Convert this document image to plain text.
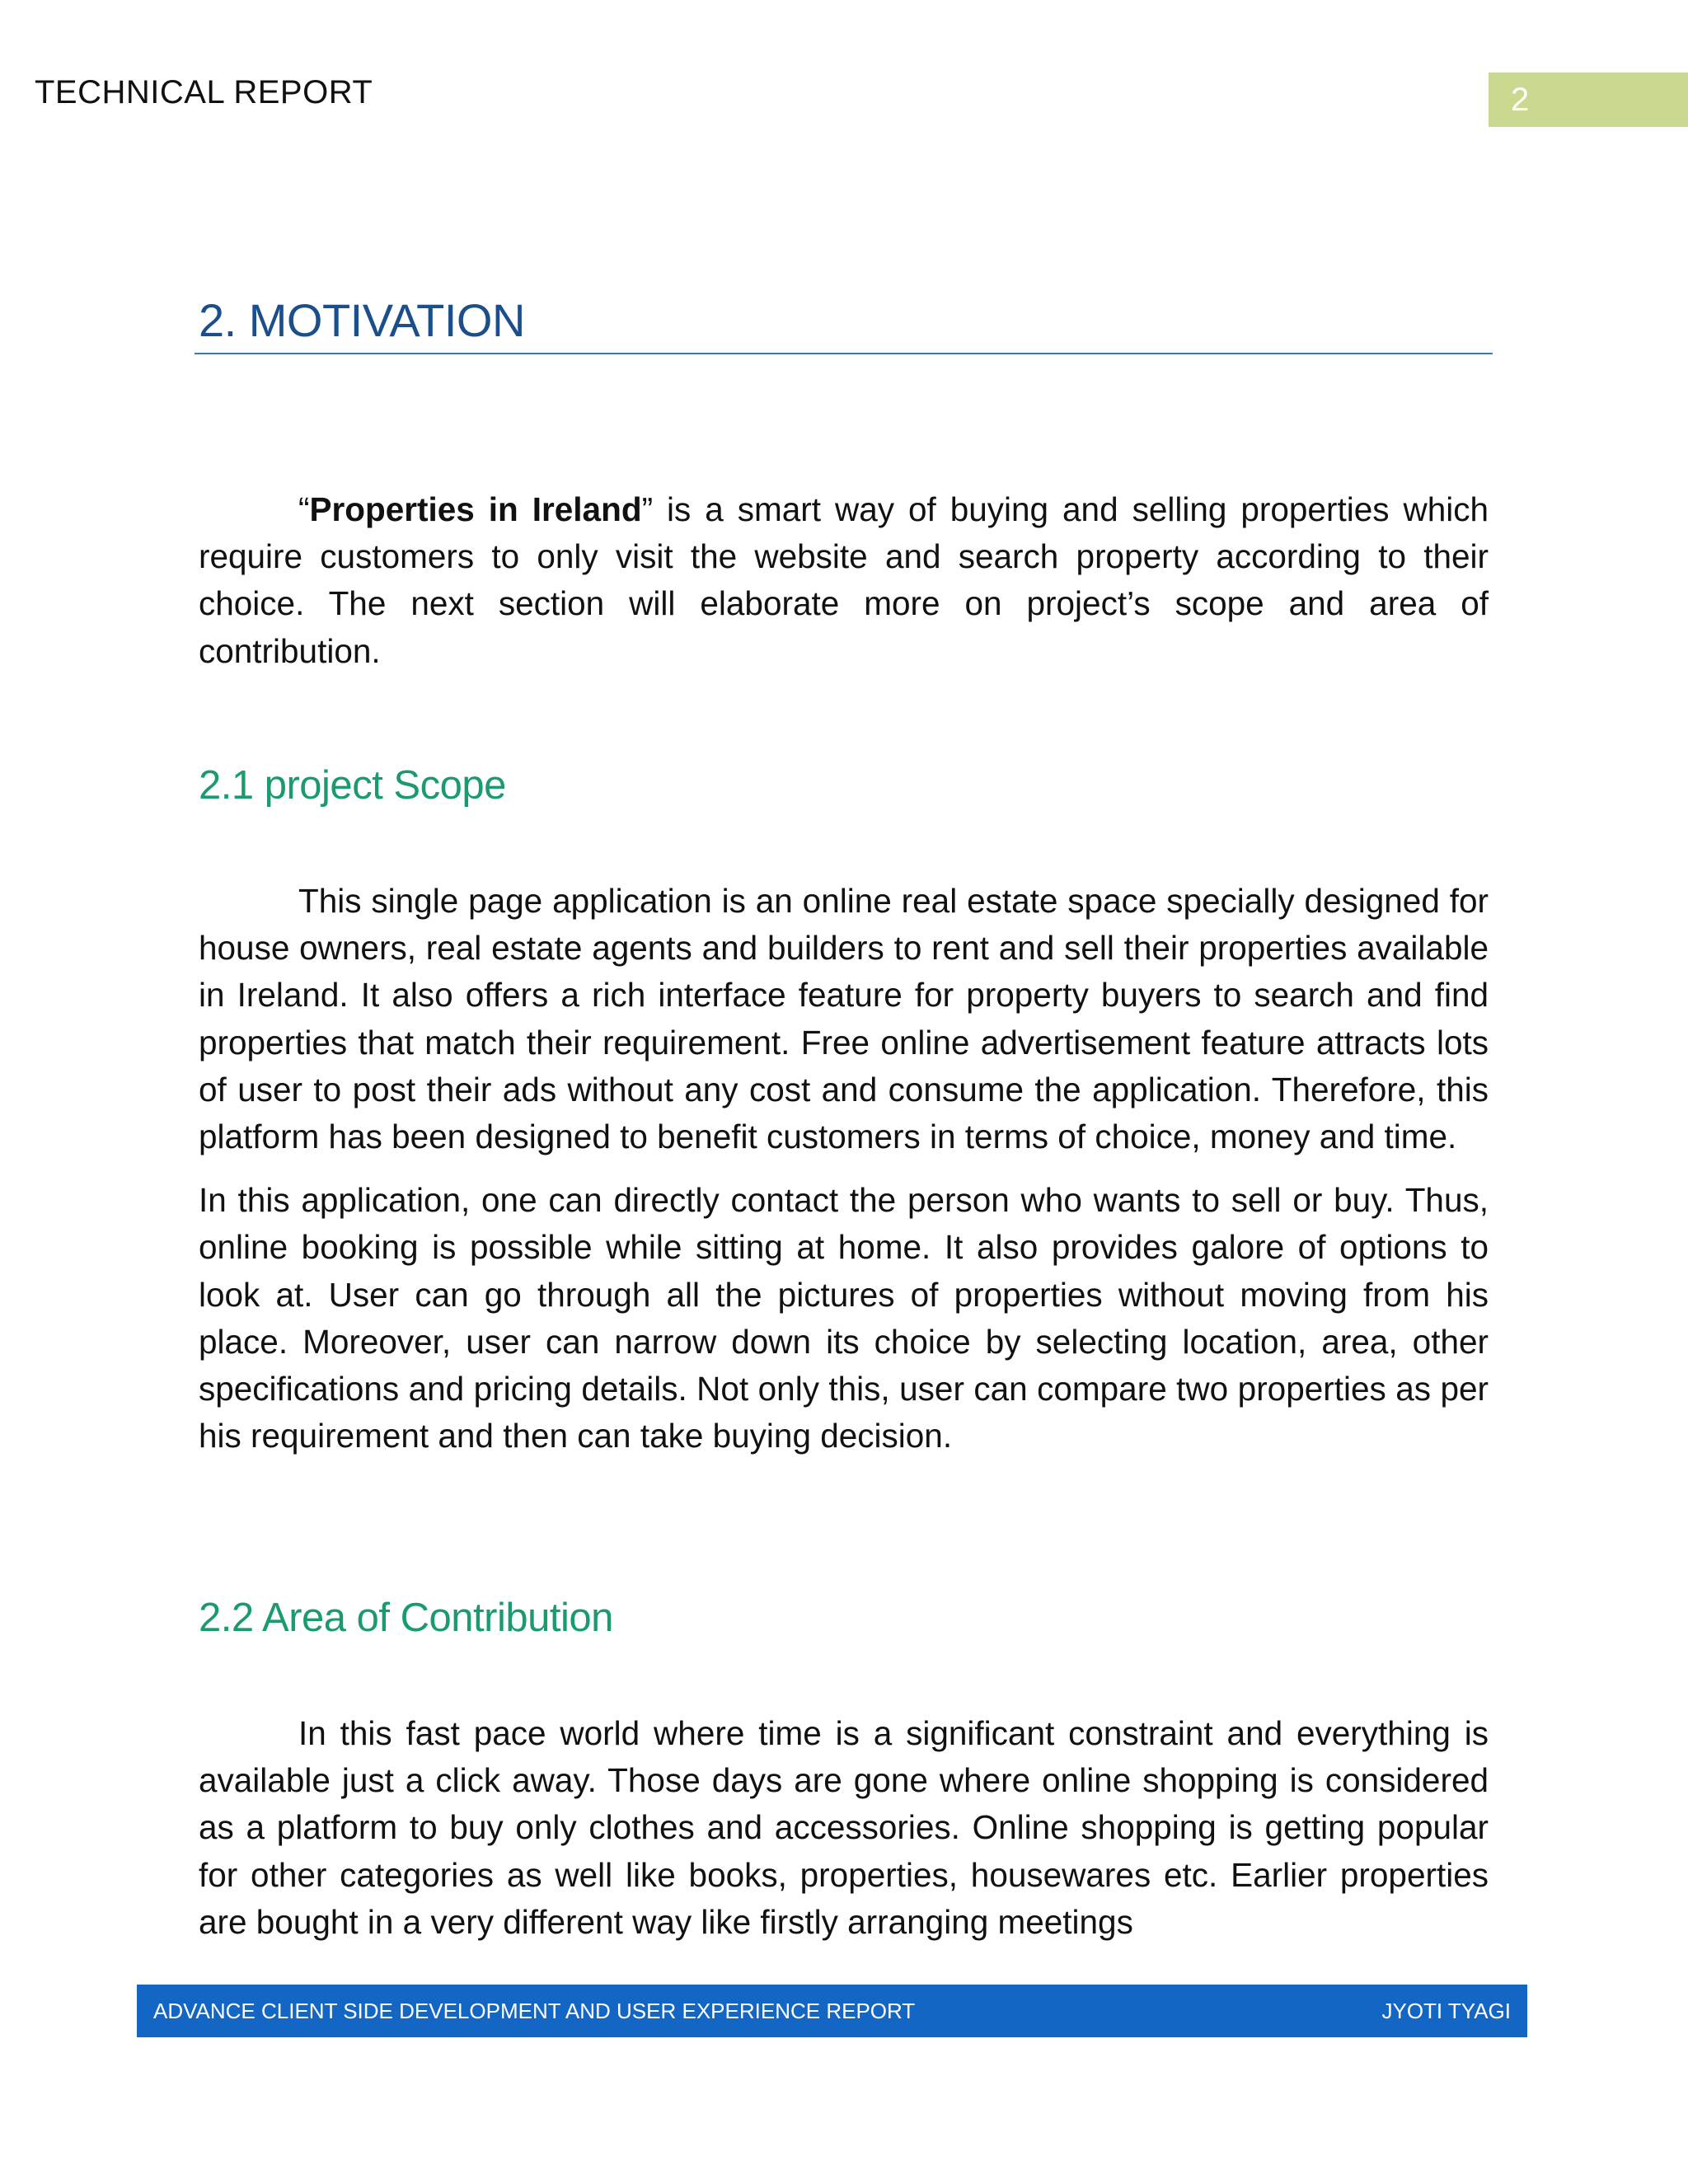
TECHNICAL REPORT	2
2. MOTIVATION

“Properties in Ireland” is a smart way of buying and selling properties which require customers to only visit the website and search property according to their choice. The next section will elaborate more on project’s scope and area of contribution.

2.1 project Scope

This single page application is an online real estate space specially designed for house owners, real estate agents and builders to rent and sell their properties available in Ireland. It also offers a rich interface feature for property buyers to search and find properties that match their requirement. Free online advertisement feature attracts lots of user to post their ads without any cost and consume the application. Therefore, this platform has been designed to benefit customers in terms of choice, money and time.

In this application, one can directly contact the person who wants to sell or buy. Thus, online booking is possible while sitting at home. It also provides galore of options to look at. User can go through all the pictures of properties without moving from his place. Moreover, user can narrow down its choice by selecting location, area, other specifications and pricing details. Not only this, user can compare two properties as per his requirement and then can take buying decision.

2.2 Area of Contribution

In this fast pace world where time is a significant constraint and everything is available just a click away. Those days are gone where online shopping is considered as a platform to buy only clothes and accessories. Online shopping is getting popular for other categories as well like books, properties, housewares etc. Earlier properties are bought in a very different way like firstly arranging meetings

ADVANCE CLIENT SIDE DEVELOPMENT AND USER EXPERIENCE REPORT	JYOTI TYAGI
